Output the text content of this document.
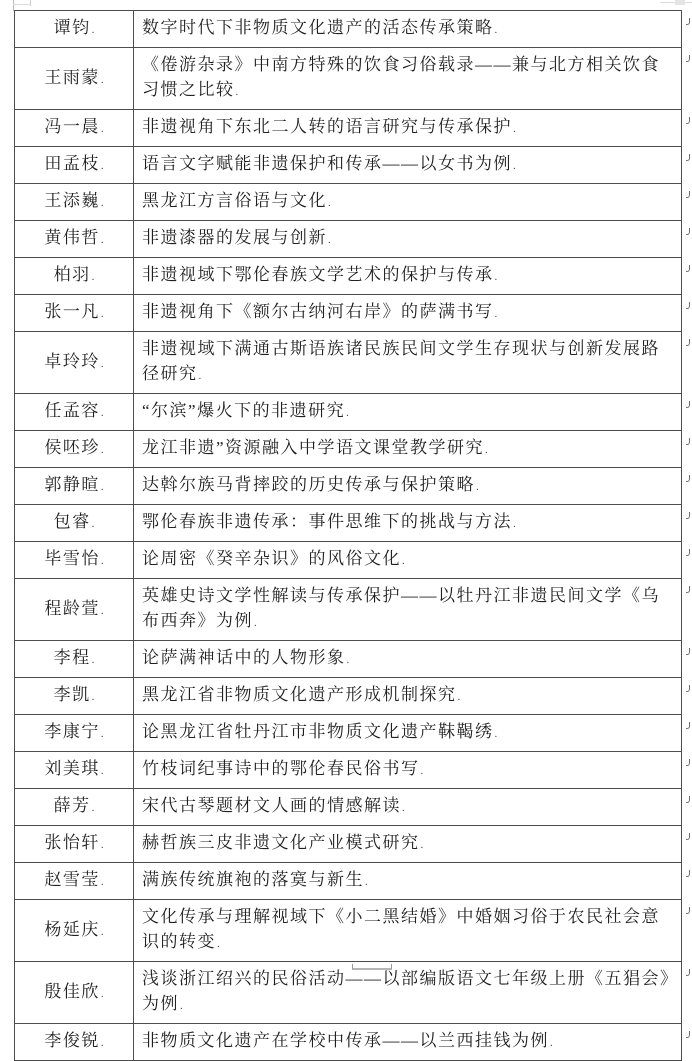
谭钧.	数字时代下非物质文化遗产的活态传承策略.

王雨蒙.	《倦游杂录》中南方特殊的饮食习俗载录——兼与北方相关饮食习惯之比较.

冯一晨.	非遗视角下东北二人转的语言研究与传承保护.

田孟枝.	语言文字赋能非遗保护和传承——以女书为例.

王添巍.	黑龙江方言俗语与文化.

黄伟哲.	非遗漆器的发展与创新.

柏羽.	非遗视域下鄂伦春族文学艺术的保护与传承.

张一凡.	非遗视角下《额尔古纳河右岸》的萨满书写.

卓玲玲.	非遗视域下满通古斯语族诸民族民间文学生存现状与创新发展路径研究.

任孟容.	“尔滨”爆火下的非遗研究.

侯呸珍.	龙江非遗”资源融入中学语文课堂教学研究.

郭静暄.	达斡尔族马背摔跤的历史传承与保护策略.

包睿.	鄂伦春族非遗传承：事件思维下的挑战与方法.

毕雪怡.	论周密《癸辛杂识》的风俗文化.

程龄萱.	英雄史诗文学性解读与传承保护——以牡丹江非遗民间文学《乌布西奔》为例.

李程.	论萨满神话中的人物形象.

李凯.	黑龙江省非物质文化遗产形成机制探究.

李康宁.	论黑龙江省牡丹江市非物质文化遗产靺鞨绣.

刘美琪.	竹枝词纪事诗中的鄂伦春民俗书写.

薛芳.	宋代古琴题材文人画的情感解读.

张怡轩.	赫哲族三皮非遗文化产业模式研究.

赵雪莹.	满族传统旗袍的落寞与新生.

杨延庆.	文化传承与理解视域下《小二黑结婚》中婚姻习俗于农民社会意识的转变.

殷佳欣.	浅谈浙江绍兴的民俗活动——以部编版语文七年级上册《五猖会》为例.

李俊锐.	非物质文化遗产在学校中传承——以兰西挂钱为例.
